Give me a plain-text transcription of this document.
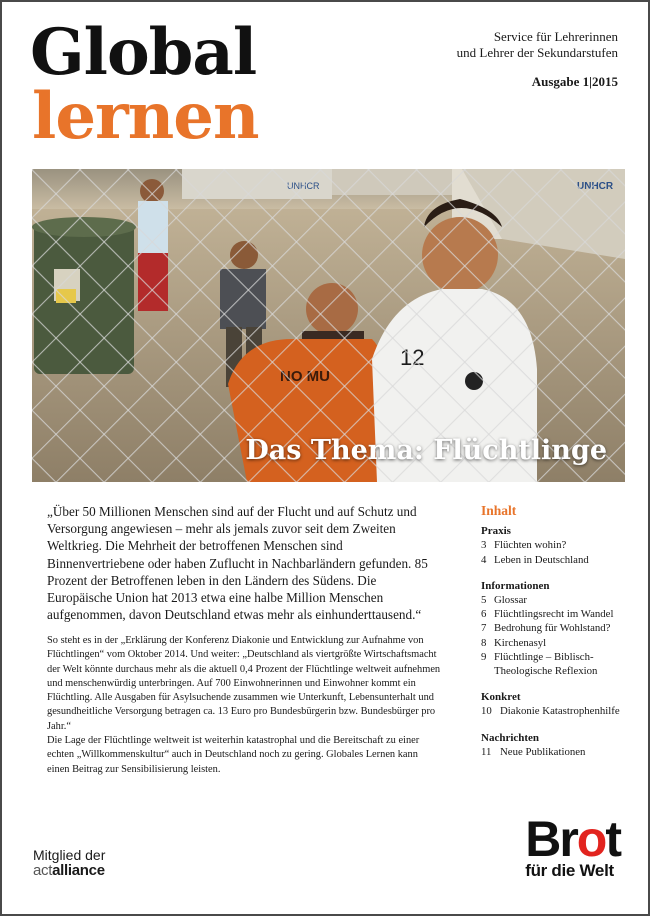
Global
lernen
Service für Lehrerinnen
und Lehrer der Sekundarstufen
Ausgabe 1|2015
Das Thema: Flüchtlinge
„Über 50 Millionen Menschen sind auf der Flucht und auf Schutz und Versorgung angewiesen – mehr als jemals zuvor seit dem Zweiten Weltkrieg. Die Mehrheit der betroffenen Menschen sind Binnenvertriebene oder haben Zuflucht in Nachbarländern gefunden. 85 Prozent der Betroffenen leben in den Ländern des Südens. Die Europäische Union hat 2013 etwa eine halbe Million Menschen aufgenommen, davon Deutschland etwas mehr als einhunderttausend.“

So steht es in der „Erklärung der Konferenz Diakonie und Entwicklung zur Aufnahme von Flüchtlingen“ vom Oktober 2014. Und weiter: „Deutschland als viertgrößte Wirtschaftsmacht der Welt könnte durchaus mehr als die aktuell 0,4 Prozent der Flüchtlinge weltweit aufnehmen und menschenwürdig unterbringen. Auf 700 Einwohnerinnen und Einwohner kommt ein Flüchtling. Alle Ausgaben für Asylsuchende zusammen wie Unterkunft, Lebensunterhalt und gesundheitliche Versorgung betragen ca. 13 Euro pro Bundesbürgerin bzw. Bundesbürger pro Jahr.“

Die Lage der Flüchtlinge weltweit ist weiterhin katastrophal und die Bereitschaft zu einer echten „Willkommenskultur“ auch in Deutschland noch zu gering. Globales Lernen kann einen Beitrag zur Sensibilisierung leisten.

Inhalt
Praxis
3 Flüchten wohin?
4 Leben in Deutschland
Informationen
5 Glossar
6 Flüchtlingsrecht im Wandel
7 Bedrohung für Wohlstand?
8 Kirchenasyl
9 Flüchtlinge – Biblisch-Theologische Reflexion
Konkret
10 Diakonie Katastrophenhilfe
Nachrichten
11 Neue Publikationen
Mitglied der
actalliance
Brot
für die Welt
